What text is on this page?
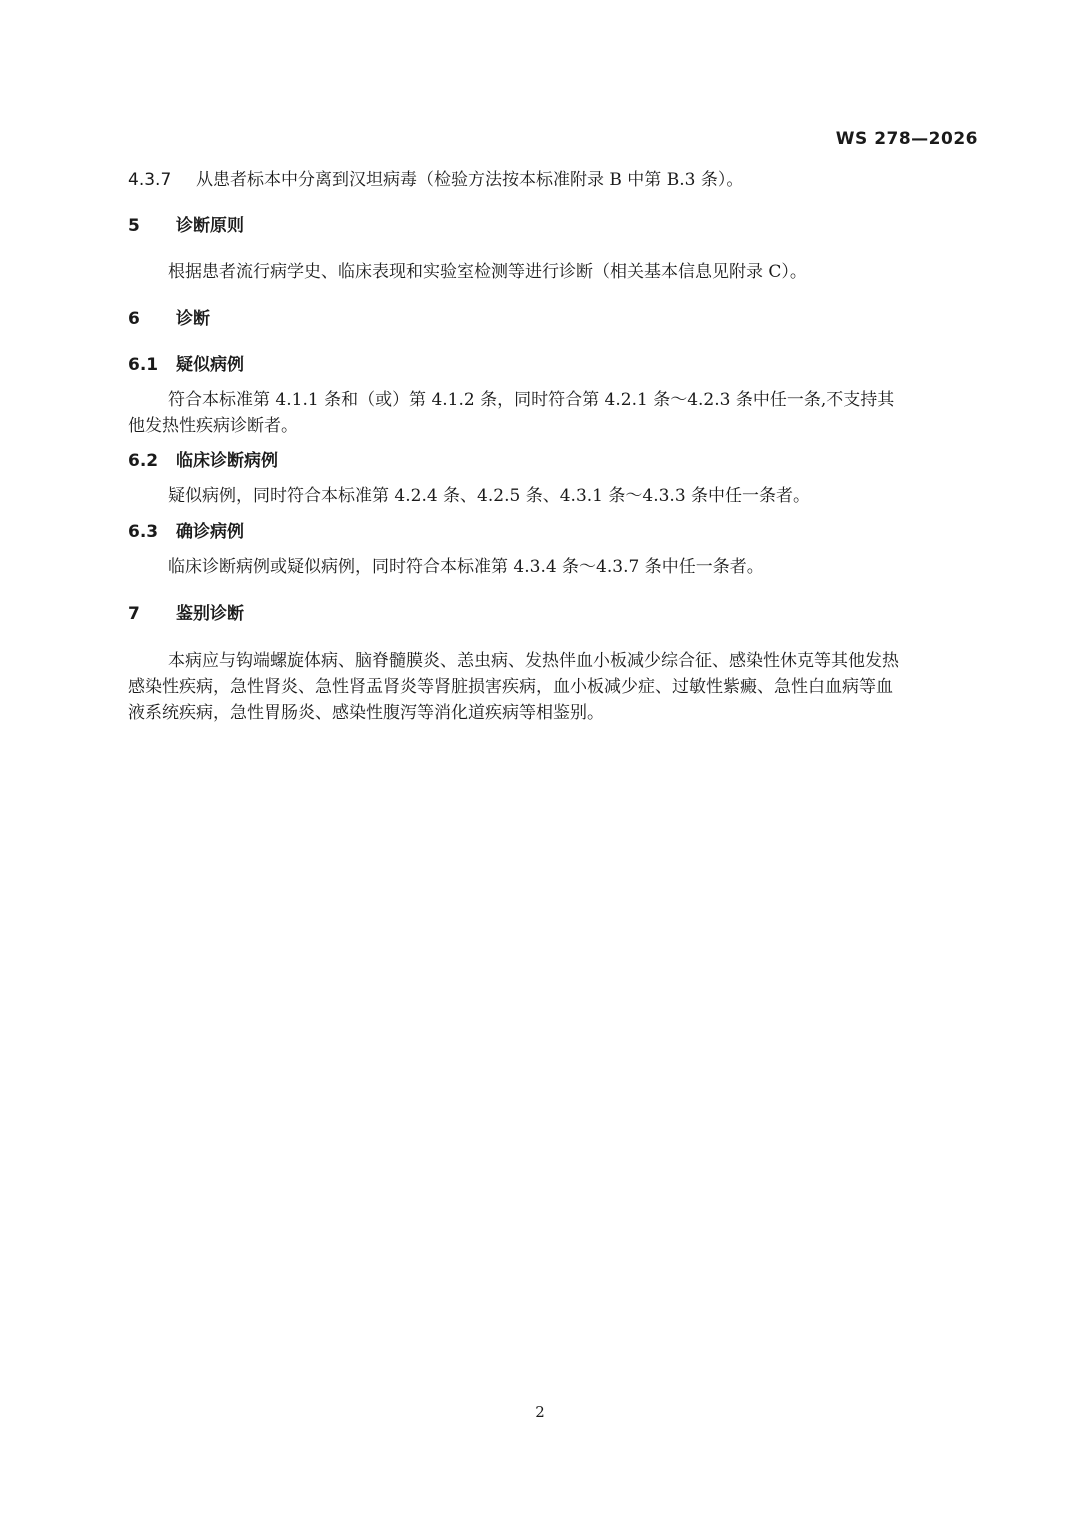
WS 278—2026
4.3.7 从患者标本中分离到汉坦病毒（检验方法按本标准附录 B 中第 B.3 条）。
5 诊断原则
根据患者流行病学史、临床表现和实验室检测等进行诊断（相关基本信息见附录 C）。
6 诊断
6.1 疑似病例
符合本标准第 4.1.1 条和（或）第 4.1.2 条，同时符合第 4.2.1 条～4.2.3 条中任一条,不支持其
他发热性疾病诊断者。
6.2 临床诊断病例
疑似病例，同时符合本标准第 4.2.4 条、4.2.5 条、4.3.1 条～4.3.3 条中任一条者。
6.3 确诊病例
临床诊断病例或疑似病例，同时符合本标准第 4.3.4 条～4.3.7 条中任一条者。
7 鉴别诊断
本病应与钩端螺旋体病、脑脊髓膜炎、恙虫病、发热伴血小板减少综合征、感染性休克等其他发热
感染性疾病，急性肾炎、急性肾盂肾炎等肾脏损害疾病，血小板减少症、过敏性紫癜、急性白血病等血
液系统疾病，急性胃肠炎、感染性腹泻等消化道疾病等相鉴别。
2
